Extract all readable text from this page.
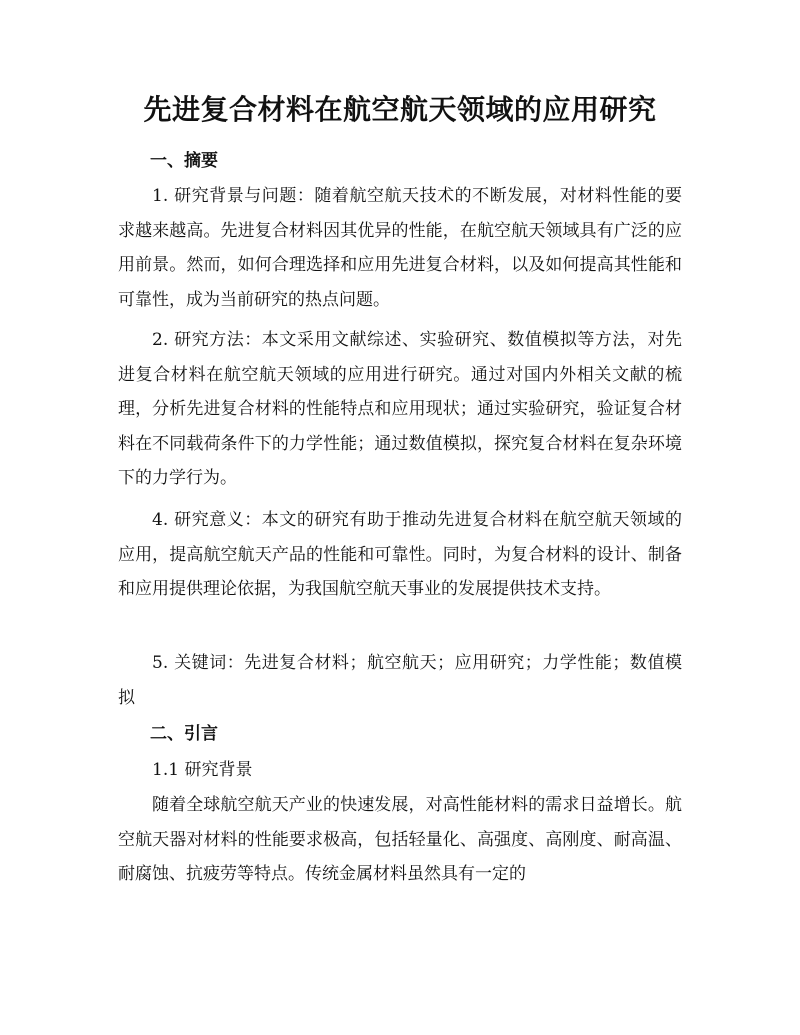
先进复合材料在航空航天领域的应用研究
一、摘要
1. 研究背景与问题：随着航空航天技术的不断发展，对材料性能的要求越来越高。先进复合材料因其优异的性能，在航空航天领域具有广泛的应用前景。然而，如何合理选择和应用先进复合材料，以及如何提高其性能和可靠性，成为当前研究的热点问题。
2. 研究方法：本文采用文献综述、实验研究、数值模拟等方法，对先进复合材料在航空航天领域的应用进行研究。通过对国内外相关文献的梳理，分析先进复合材料的性能特点和应用现状；通过实验研究，验证复合材料在不同载荷条件下的力学性能；通过数值模拟，探究复合材料在复杂环境下的力学行为。
4. 研究意义：本文的研究有助于推动先进复合材料在航空航天领域的应用，提高航空航天产品的性能和可靠性。同时，为复合材料的设计、制备和应用提供理论依据，为我国航空航天事业的发展提供技术支持。
5. 关键词：先进复合材料；航空航天；应用研究；力学性能；数值模拟
二、引言
1.1 研究背景
随着全球航空航天产业的快速发展，对高性能材料的需求日益增长。航空航天器对材料的性能要求极高，包括轻量化、高强度、高刚度、耐高温、耐腐蚀、抗疲劳等特点。传统金属材料虽然具有一定的
